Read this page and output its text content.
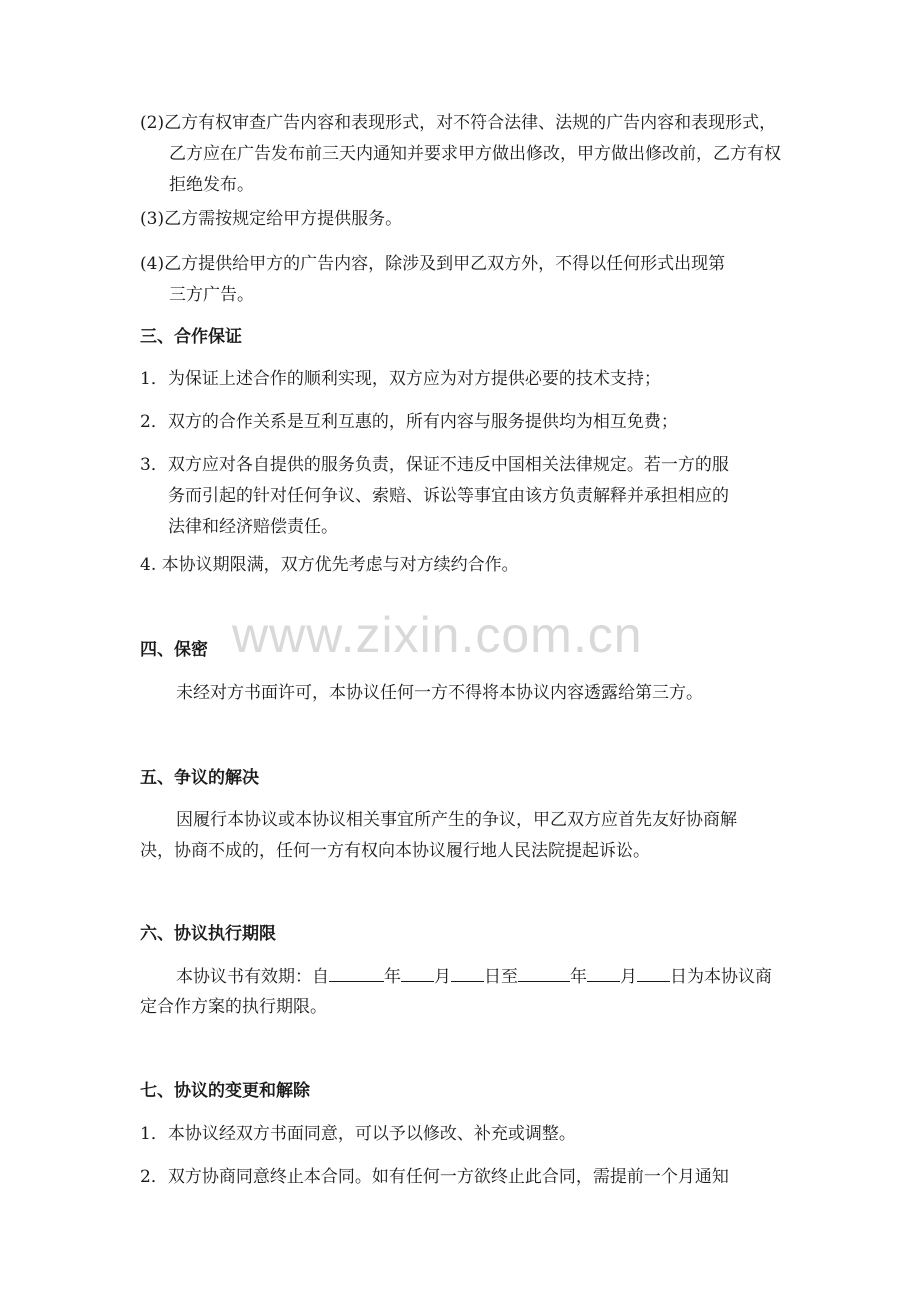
(2)乙方有权审查广告内容和表现形式，对不符合法律、法规的广告内容和表现形式，
乙方应在广告发布前三天内通知并要求甲方做出修改，甲方做出修改前，乙方有权
拒绝发布。
(3)乙方需按规定给甲方提供服务。
(4)乙方提供给甲方的广告内容，除涉及到甲乙双方外，不得以任何形式出现第
三方广告。
三、合作保证
1．为保证上述合作的顺利实现，双方应为对方提供必要的技术支持；
2．双方的合作关系是互利互惠的，所有内容与服务提供均为相互免费；
3．双方应对各自提供的服务负责，保证不违反中国相关法律规定。若一方的服
务而引起的针对任何争议、索赔、诉讼等事宜由该方负责解释并承担相应的
法律和经济赔偿责任。
4. 本协议期限满，双方优先考虑与对方续约合作。
www.zixin.com.cn
四、保密
未经对方书面许可，本协议任何一方不得将本协议内容透露给第三方。
五、争议的解决
因履行本协议或本协议相关事宜所产生的争议，甲乙双方应首先友好协商解
决，协商不成的，任何一方有权向本协议履行地人民法院提起诉讼。
六、协议执行期限
本协议书有效期：自	年 月 日至	年 月 日为本协议商
定合作方案的执行期限。
七、协议的变更和解除
1．本协议经双方书面同意，可以予以修改、补充或调整。
2．双方协商同意终止本合同。如有任何一方欲终止此合同，需提前一个月通知
